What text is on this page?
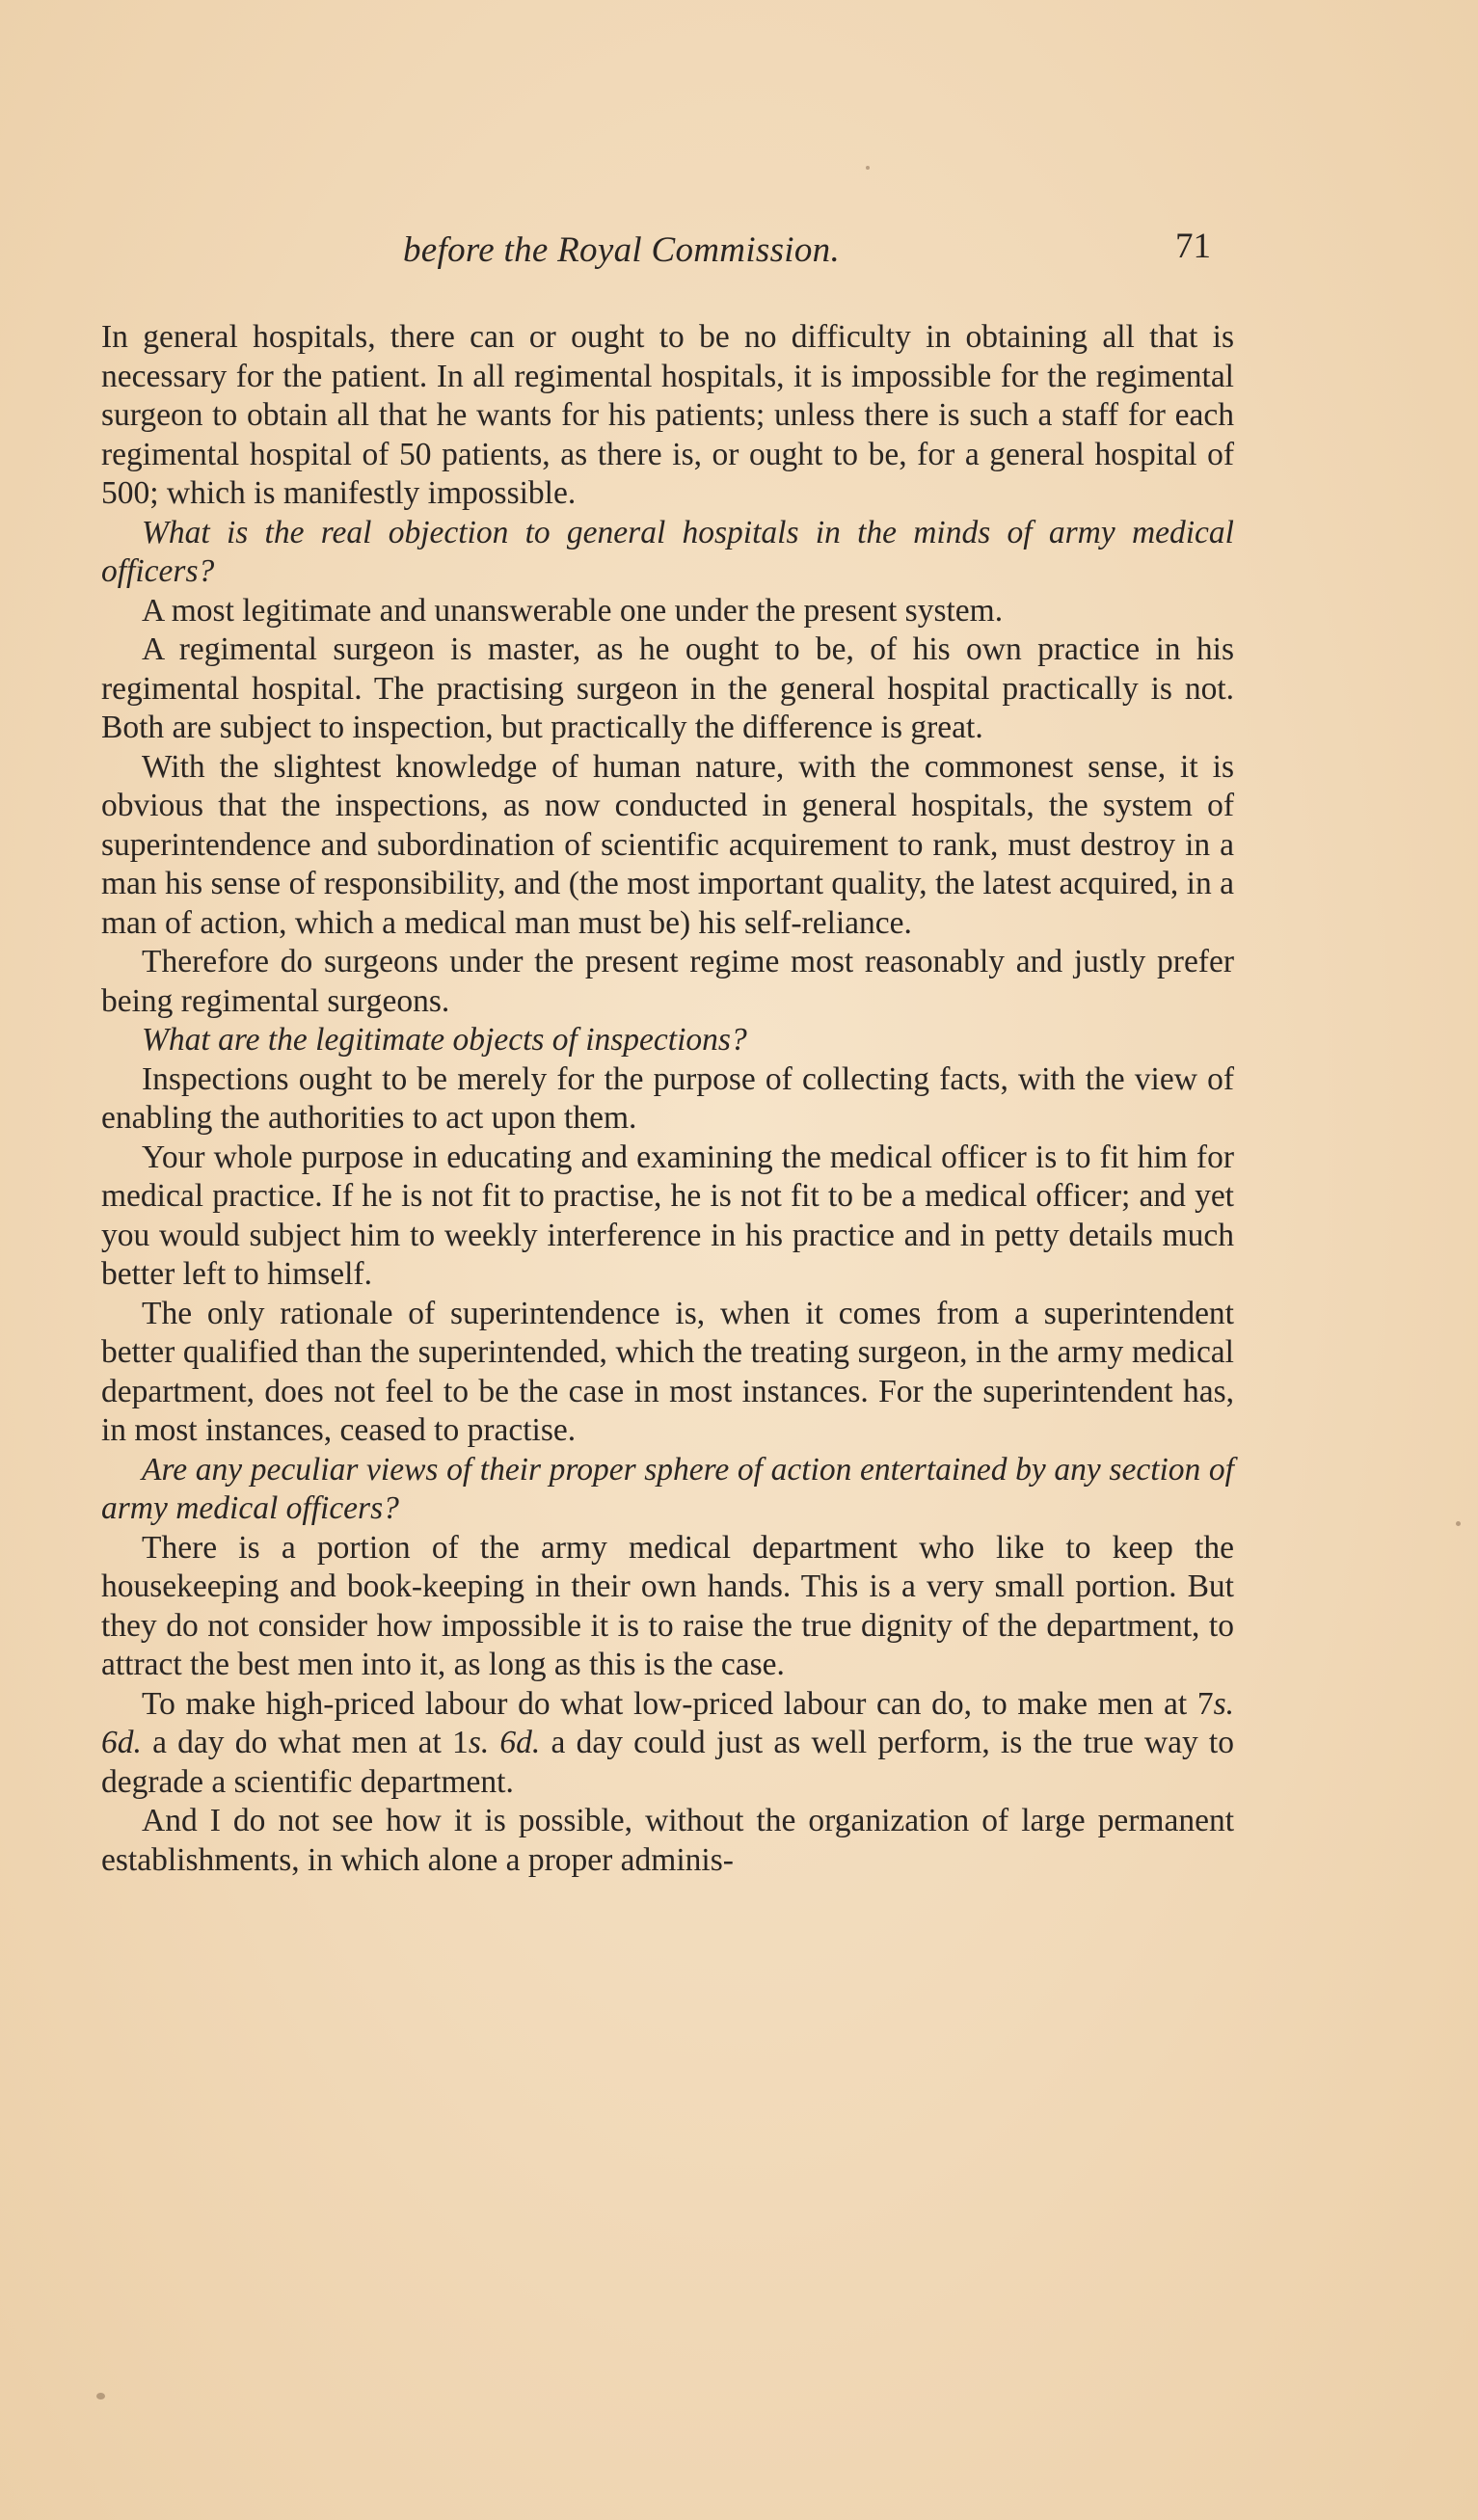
before the Royal Commission.	71

In general hospitals, there can or ought to be no difficulty in obtaining all that is necessary for the patient. In all regimental hospitals, it is impossible for the regimental surgeon to obtain all that he wants for his patients; unless there is such a staff for each regimental hospital of 50 patients, as there is, or ought to be, for a general hospital of 500; which is manifestly impossible.

What is the real objection to general hospitals in the minds of army medical officers?

A most legitimate and unanswerable one under the present system.

A regimental surgeon is master, as he ought to be, of his own practice in his regimental hospital. The practising surgeon in the general hospital practically is not. Both are subject to inspection, but practically the difference is great.

With the slightest knowledge of human nature, with the commonest sense, it is obvious that the inspections, as now conducted in general hospitals, the system of superintendence and subordination of scientific acquirement to rank, must destroy in a man his sense of responsibility, and (the most important quality, the latest acquired, in a man of action, which a medical man must be) his self-reliance.

Therefore do surgeons under the present regime most reasonably and justly prefer being regimental surgeons.

What are the legitimate objects of inspections?

Inspections ought to be merely for the purpose of collecting facts, with the view of enabling the authorities to act upon them.

Your whole purpose in educating and examining the medical officer is to fit him for medical practice. If he is not fit to practise, he is not fit to be a medical officer; and yet you would subject him to weekly interference in his practice and in petty details much better left to himself.

The only rationale of superintendence is, when it comes from a superintendent better qualified than the superintended, which the treating surgeon, in the army medical department, does not feel to be the case in most instances. For the superintendent has, in most instances, ceased to practise.

Are any peculiar views of their proper sphere of action entertained by any section of army medical officers?

There is a portion of the army medical department who like to keep the housekeeping and book-keeping in their own hands. This is a very small portion. But they do not consider how impossible it is to raise the true dignity of the department, to attract the best men into it, as long as this is the case.

To make high-priced labour do what low-priced labour can do, to make men at 7s. 6d. a day do what men at 1s. 6d. a day could just as well perform, is the true way to degrade a scientific department.

And I do not see how it is possible, without the organization of large permanent establishments, in which alone a proper adminis-
